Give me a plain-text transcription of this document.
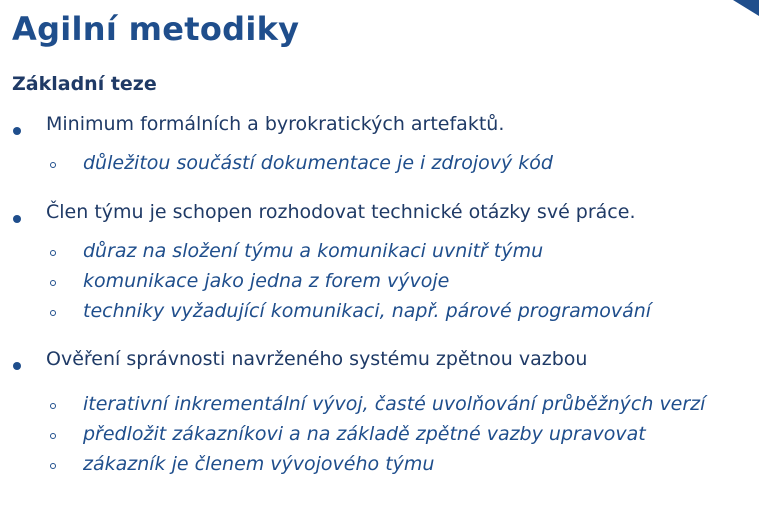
Agilní metodiky
Základní teze
Minimum formálních a byrokratických artefaktů.
důležitou součástí dokumentace je i zdrojový kód
Člen týmu je schopen rozhodovat technické otázky své práce.
důraz na složení týmu a komunikaci uvnitř týmu
komunikace jako jedna z forem vývoje
techniky vyžadující komunikaci, např. párové programování
Ověření správnosti navrženého systému zpětnou vazbou
iterativní inkrementální vývoj, časté uvolňování průběžných verzí
předložit zákazníkovi a na základě zpětné vazby upravovat
zákazník je členem vývojového týmu
